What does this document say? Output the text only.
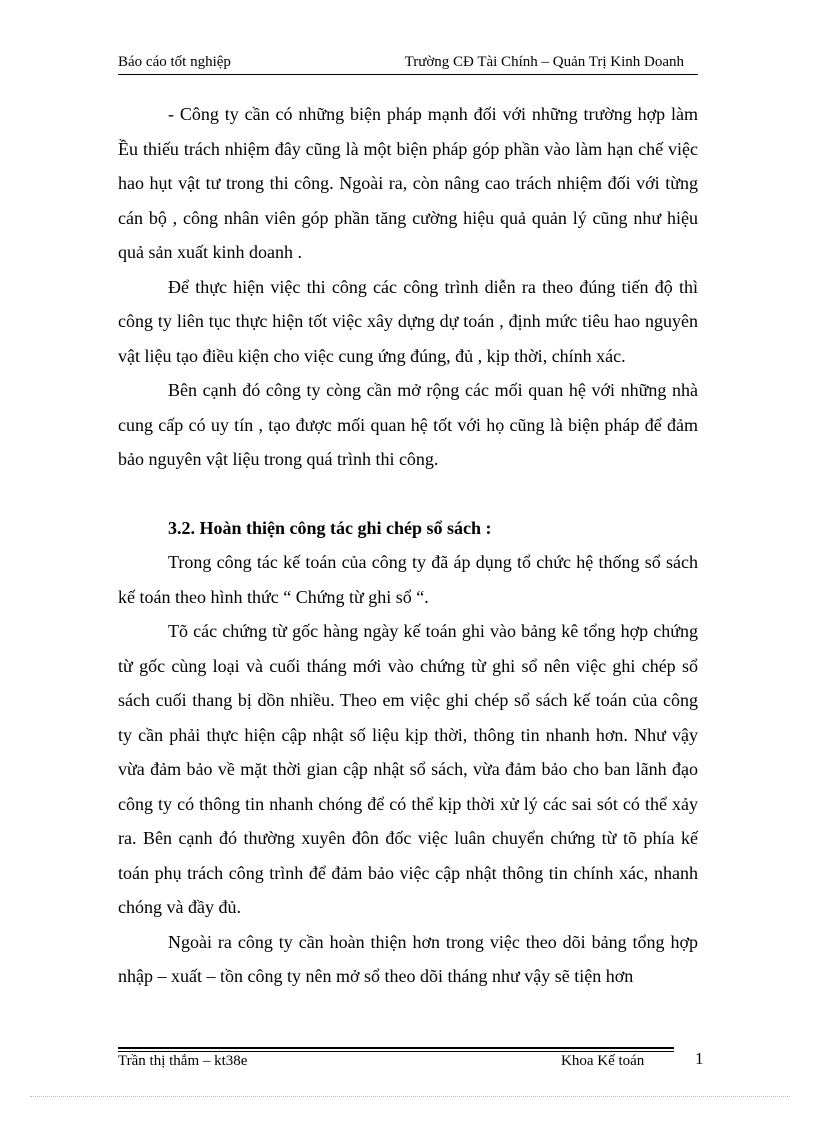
Báo cáo tốt nghiệp	Trường CĐ Tài Chính – Quản Trị Kinh Doanh

- Công ty cần có những biện pháp mạnh đối với những trường hợp làm Ều thiếu trách nhiệm đây cũng là một biện pháp góp phần vào làm hạn chế việc hao hụt vật tư trong thi công. Ngoài ra, còn nâng cao trách nhiệm đối với từng cán bộ , công nhân viên góp phần tăng cường hiệu quả quản lý cũng như hiệu quả sản xuất kinh doanh .

Để thực hiện việc thi công các công trình diễn ra theo đúng tiến độ thì công ty liên tục thực hiện tốt việc xây dựng dự toán , định mức tiêu hao nguyên vật liệu tạo điều kiện cho việc cung ứng đúng, đủ , kịp thời, chính xác.

Bên cạnh đó công ty còng cần mở rộng các mối quan hệ với những nhà cung cấp có uy tín , tạo được mối quan hệ tốt với họ cũng là biện pháp để đảm bảo nguyên vật liệu trong quá trình thi công.

3.2. Hoàn thiện công tác ghi chép sổ sách :

Trong công tác kế toán của công ty đã áp dụng tổ chức hệ thống sổ sách kế toán theo hình thức “ Chứng từ ghi sổ “.

Tõ các chứng từ gốc hàng ngày kế toán ghi vào bảng kê tổng hợp chứng từ gốc cùng loại và cuối tháng mới vào chứng từ ghi sổ nên việc ghi chép sổ sách cuối thang bị dồn nhiều. Theo em việc ghi chép sổ sách kế toán của công ty cần phải thực hiện cập nhật số liệu kịp thời, thông tin nhanh hơn. Như vậy vừa đảm bảo về mặt thời gian cập nhật sổ sách, vừa đảm bảo cho ban lãnh đạo công ty có thông tin nhanh chóng để có thể kịp thời xử lý các sai sót có thể xảy ra. Bên cạnh đó thường xuyên đôn đốc việc luân chuyển chứng từ tõ phía kế toán phụ trách công trình để đảm bảo việc cập nhật thông tin chính xác, nhanh chóng và đầy đủ.

Ngoài ra công ty cần hoàn thiện hơn trong việc theo dõi bảng tổng hợp nhập – xuất – tồn công ty nên mở sổ theo dõi tháng như vậy sẽ tiện hơn

Trần thị thắm – kt38e	Khoa Kế toán	1
